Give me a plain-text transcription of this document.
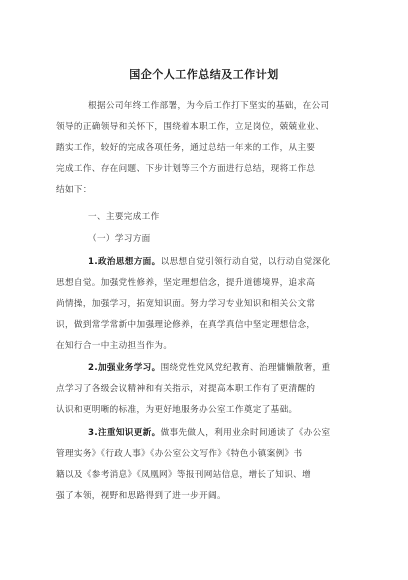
国企个人工作总结及工作计划
根据公司年终工作部署，为今后工作打下坚实的基础，在公司
领导的正确领导和关怀下，围绕着本职工作，立足岗位，兢兢业业、
踏实工作，较好的完成各项任务，通过总结一年来的工作，从主要
完成工作、存在问题、下步计划等三个方面进行总结，现将工作总
结如下：
一、主要完成工作
（一）学习方面
1.政治思想方面。以思想自觉引领行动自觉，以行动自觉深化
思想自觉。加强党性修养，坚定理想信念，提升道德境界，追求高
尚情操，加强学习，拓宽知识面。努力学习专业知识和相关公文常
识，做到常学常新中加强理论修养，在真学真信中坚定理想信念，
在知行合一中主动担当作为。
2.加强业务学习。围绕党性党风党纪教育、治理慵懒散奢，重
点学习了各级会议精神和有关指示，对提高本职工作有了更清醒的
认识和更明晰的标准，为更好地服务办公室工作奠定了基础。
3.注重知识更新。做事先做人，利用业余时间通读了《办公室
管理实务》《行政人事》《办公室公文写作》《特色小镇案例》书
籍以及《参考消息》《凤凰网》等报刊网站信息，增长了知识、增
强了本领，视野和思路得到了进一步开阔。
